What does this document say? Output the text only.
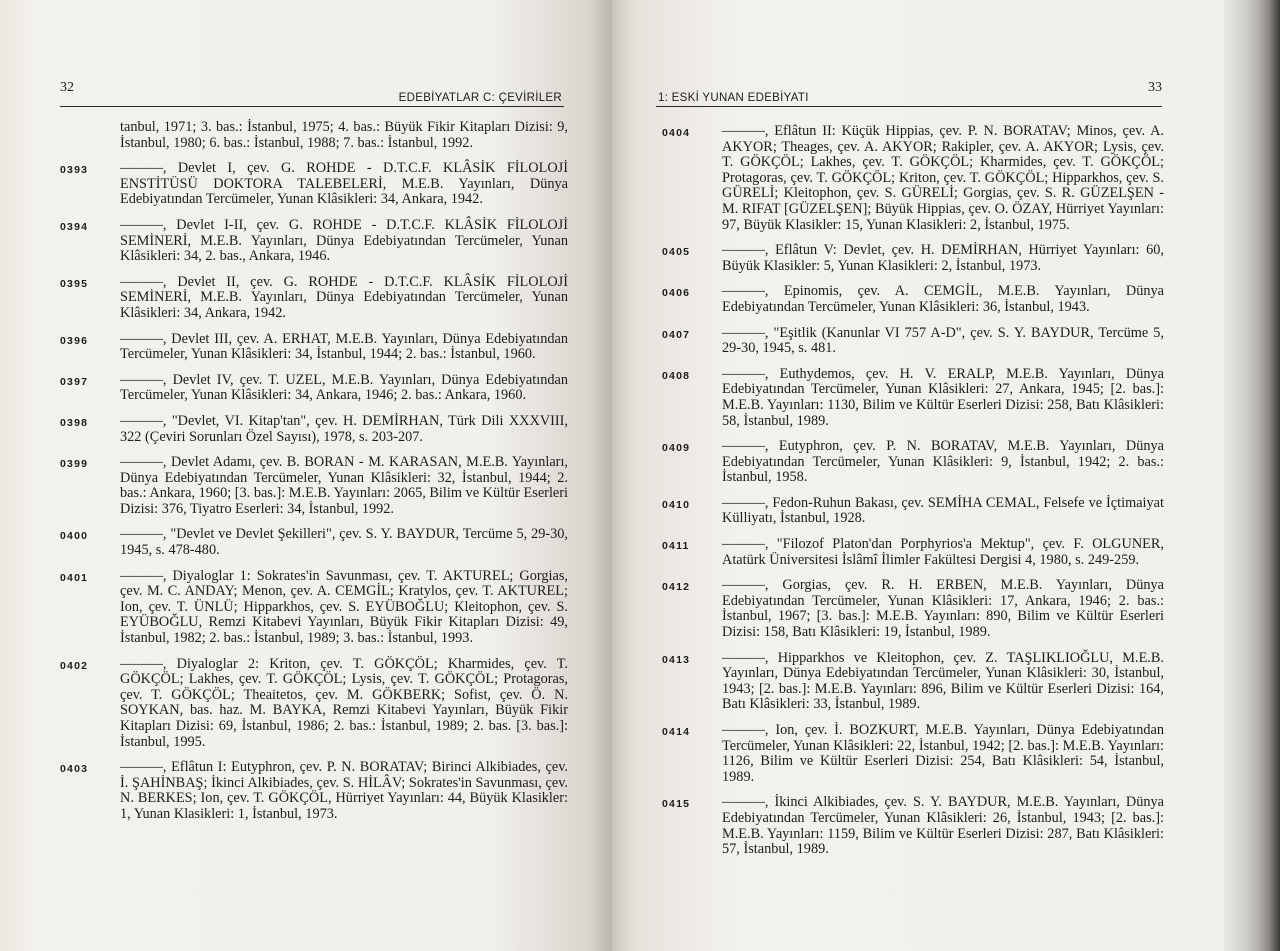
32
EDEBİYATLAR C: ÇEVİRİLER
tanbul, 1971; 3. bas.: İstanbul, 1975; 4. bas.: Büyük Fikir Kitapları Dizisi: 9, İstanbul, 1980; 6. bas.: İstanbul, 1988; 7. bas.: İstanbul, 1992.
0393 ———, Devlet I, çev. G. ROHDE - D.T.C.F. KLÂSİK FİLOLOJİ ENSTİTÜSÜ DOKTORA TALEBELERİ, M.E.B. Yayınları, Dünya Edebiyatından Tercümeler, Yunan Klâsikleri: 34, Ankara, 1942.
0394 ———, Devlet I-II, çev. G. ROHDE - D.T.C.F. KLÂSİK FİLOLOJİ SEMİNERİ, M.E.B. Yayınları, Dünya Edebiyatından Tercümeler, Yunan Klâsikleri: 34, 2. bas., Ankara, 1946.
0395 ———, Devlet II, çev. G. ROHDE - D.T.C.F. KLÂSİK FİLOLOJİ SEMİNERİ, M.E.B. Yayınları, Dünya Edebiyatından Tercümeler, Yunan Klâsikleri: 34, Ankara, 1942.
0396 ———, Devlet III, çev. A. ERHAT, M.E.B. Yayınları, Dünya Edebiyatından Tercümeler, Yunan Klâsikleri: 34, İstanbul, 1944; 2. bas.: İstanbul, 1960.
0397 ———, Devlet IV, çev. T. UZEL, M.E.B. Yayınları, Dünya Edebiyatından Tercümeler, Yunan Klâsikleri: 34, Ankara, 1946; 2. bas.: Ankara, 1960.
0398 ———, "Devlet, VI. Kitap'tan", çev. H. DEMİRHAN, Türk Dili XXXVIII, 322 (Çeviri Sorunları Özel Sayısı), 1978, s. 203-207.
0399 ———, Devlet Adamı, çev. B. BORAN - M. KARASAN, M.E.B. Yayınları, Dünya Edebiyatından Tercümeler, Yunan Klâsikleri: 32, İstanbul, 1944; 2. bas.: Ankara, 1960; [3. bas.]: M.E.B. Yayınları: 2065, Bilim ve Kültür Eserleri Dizisi: 376, Tiyatro Eserleri: 34, İstanbul, 1992.
0400 ———, "Devlet ve Devlet Şekilleri", çev. S. Y. BAYDUR, Tercüme 5, 29-30, 1945, s. 478-480.
0401 ———, Diyaloglar 1: Sokrates'in Savunması, çev. T. AKTUREL; Gorgias, çev. M. C. ANDAY; Menon, çev. A. CEMGİL; Kratylos, çev. T. AKTUREL; Ion, çev. T. ÜNLÜ; Hipparkhos, çev. S. EYÜBOĞLU; Kleitophon, çev. S. EYÜBOĞLU, Remzi Kitabevi Yayınları, Büyük Fikir Kitapları Dizisi: 49, İstanbul, 1982; 2. bas.: İstanbul, 1989; 3. bas.: İstanbul, 1993.
0402 ———, Diyaloglar 2: Kriton, çev. T. GÖKÇÖL; Kharmides, çev. T. GÖKÇÖL; Lakhes, çev. T. GÖKÇÖL; Lysis, çev. T. GÖKÇÖL; Protagoras, çev. T. GÖKÇÖL; Theaitetos, çev. M. GÖKBERK; Sofist, çev. Ö. N. SOYKAN, bas. haz. M. BAYKA, Remzi Kitabevi Yayınları, Büyük Fikir Kitapları Dizisi: 69, İstanbul, 1986; 2. bas.: İstanbul, 1989; 2. bas. [3. bas.]: İstanbul, 1995.
0403 ———, Eflâtun I: Eutyphron, çev. P. N. BORATAV; Birinci Alkibiades, çev. İ. ŞAHİNBAŞ; İkinci Alkibiades, çev. S. HİLÂV; Sokrates'in Savunması, çev. N. BERKES; Ion, çev. T. GÖKÇÖL, Hürriyet Yayınları: 44, Büyük Klasikler: 1, Yunan Klasikleri: 1, İstanbul, 1973.
1: ESKİ YUNAN EDEBİYATI
33
0404 ———, Eflâtun II: Küçük Hippias, çev. P. N. BORATAV; Minos, çev. A. AKYOR; Theages, çev. A. AKYOR; Rakipler, çev. A. AKYOR; Lysis, çev. T. GÖKÇÖL; Lakhes, çev. T. GÖKÇÖL; Kharmides, çev. T. GÖKÇÖL; Protagoras, çev. T. GÖKÇÖL; Kriton, çev. T. GÖKÇÖL; Hipparkhos, çev. S. GÜRELİ; Kleitophon, çev. S. GÜRELİ; Gorgias, çev. S. R. GÜZELŞEN - M. RIFAT [GÜZELŞEN]; Büyük Hippias, çev. O. ÖZAY, Hürriyet Yayınları: 97, Büyük Klasikler: 15, Yunan Klasikleri: 2, İstanbul, 1975.
0405 ———, Eflâtun V: Devlet, çev. H. DEMİRHAN, Hürriyet Yayınları: 60, Büyük Klasikler: 5, Yunan Klasikleri: 2, İstanbul, 1973.
0406 ———, Epinomis, çev. A. CEMGİL, M.E.B. Yayınları, Dünya Edebiyatından Tercümeler, Yunan Klâsikleri: 36, İstanbul, 1943.
0407 ———, "Eşitlik (Kanunlar VI 757 A-D", çev. S. Y. BAYDUR, Tercüme 5, 29-30, 1945, s. 481.
0408 ———, Euthydemos, çev. H. V. ERALP, M.E.B. Yayınları, Dünya Edebiyatından Tercümeler, Yunan Klâsikleri: 27, Ankara, 1945; [2. bas.]: M.E.B. Yayınları: 1130, Bilim ve Kültür Eserleri Dizisi: 258, Batı Klâsikleri: 58, İstanbul, 1989.
0409 ———, Eutyphron, çev. P. N. BORATAV, M.E.B. Yayınları, Dünya Edebiyatından Tercümeler, Yunan Klâsikleri: 9, İstanbul, 1942; 2. bas.: İstanbul, 1958.
0410 ———, Fedon-Ruhun Bakası, çev. SEMİHA CEMAL, Felsefe ve İçtimaiyat Külliyatı, İstanbul, 1928.
0411 ———, "Filozof Platon'dan Porphyrios'a Mektup", çev. F. OLGUNER, Atatürk Üniversitesi İslâmî İlimler Fakültesi Dergisi 4, 1980, s. 249-259.
0412 ———, Gorgias, çev. R. H. ERBEN, M.E.B. Yayınları, Dünya Edebiyatından Tercümeler, Yunan Klâsikleri: 17, Ankara, 1946; 2. bas.: İstanbul, 1967; [3. bas.]: M.E.B. Yayınları: 890, Bilim ve Kültür Eserleri Dizisi: 158, Batı Klâsikleri: 19, İstanbul, 1989.
0413 ———, Hipparkhos ve Kleitophon, çev. Z. TAŞLIKLIOĞLU, M.E.B. Yayınları, Dünya Edebiyatından Tercümeler, Yunan Klâsikleri: 30, İstanbul, 1943; [2. bas.]: M.E.B. Yayınları: 896, Bilim ve Kültür Eserleri Dizisi: 164, Batı Klâsikleri: 33, İstanbul, 1989.
0414 ———, Ion, çev. İ. BOZKURT, M.E.B. Yayınları, Dünya Edebiyatından Tercümeler, Yunan Klâsikleri: 22, İstanbul, 1942; [2. bas.]: M.E.B. Yayınları: 1126, Bilim ve Kültür Eserleri Dizisi: 254, Batı Klâsikleri: 54, İstanbul, 1989.
0415 ———, İkinci Alkibiades, çev. S. Y. BAYDUR, M.E.B. Yayınları, Dünya Edebiyatından Tercümeler, Yunan Klâsikleri: 26, İstanbul, 1943; [2. bas.]: M.E.B. Yayınları: 1159, Bilim ve Kültür Eserleri Dizisi: 287, Batı Klâsikleri: 57, İstanbul, 1989.
